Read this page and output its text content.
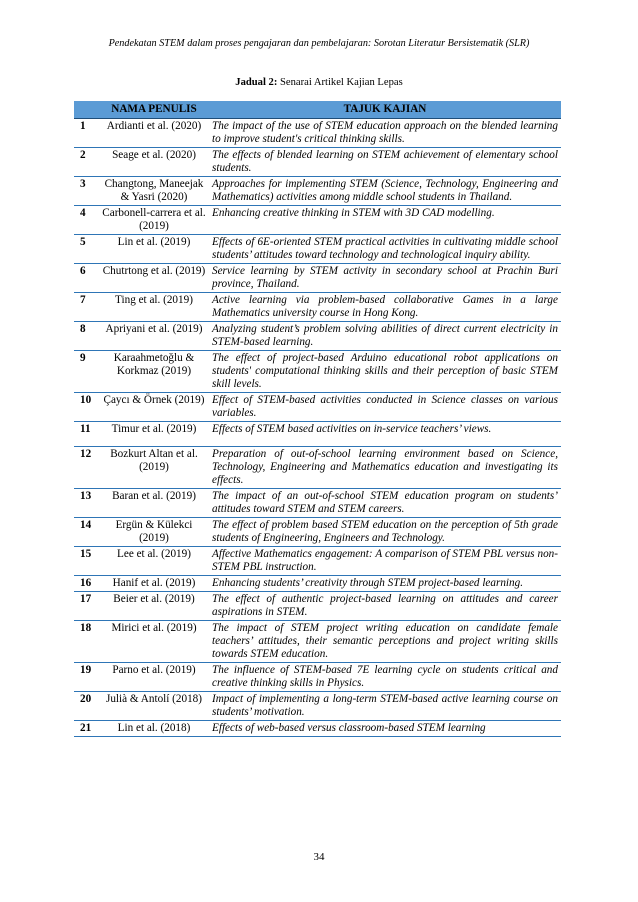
Pendekatan STEM dalam proses pengajaran dan pembelajaran: Sorotan Literatur Bersistematik (SLR)
Jadual 2: Senarai Artikel Kajian Lepas
	NAMA PENULIS	TAJUK KAJIAN
1	Ardianti et al. (2020)	The impact of the use of STEM education approach on the blended learning to improve student's critical thinking skills.
2	Seage et al. (2020)	The effects of blended learning on STEM achievement of elementary school students.
3	Changtong, Maneejak & Yasri (2020)	Approaches for implementing STEM (Science, Technology, Engineering and Mathematics) activities among middle school students in Thailand.
4	Carbonell-carrera et al. (2019)	Enhancing creative thinking in STEM with 3D CAD modelling.
5	Lin et al. (2019)	Effects of 6E-oriented STEM practical activities in cultivating middle school students’ attitudes toward technology and technological inquiry ability.
6	Chutrtong et al. (2019)	Service learning by STEM activity in secondary school at Prachin Buri province, Thailand.
7	Ting et al. (2019)	Active learning via problem-based collaborative Games in a large Mathematics university course in Hong Kong.
8	Apriyani et al. (2019)	Analyzing student’s problem solving abilities of direct current electricity in STEM-based learning.
9	Karaahmetoğlu & Korkmaz (2019)	The effect of project-based Arduino educational robot applications on students' computational thinking skills and their perception of basic STEM skill levels.
10	Çaycı & Örnek (2019)	Effect of STEM-based activities conducted in Science classes on various variables.
11	Timur et al. (2019)	Effects of STEM based activities on in-service teachers’ views.
12	Bozkurt Altan et al. (2019)	Preparation of out-of-school learning environment based on Science, Technology, Engineering and Mathematics education and investigating its effects.
13	Baran et al. (2019)	The impact of an out-of-school STEM education program on students’ attitudes toward STEM and STEM careers.
14	Ergün & Külekci (2019)	The effect of problem based STEM education on the perception of 5th grade students of Engineering, Engineers and Technology.
15	Lee et al. (2019)	Affective Mathematics engagement: A comparison of STEM PBL versus non-STEM PBL instruction.
16	Hanif et al. (2019)	Enhancing students’ creativity through STEM project-based learning.
17	Beier et al. (2019)	The effect of authentic project-based learning on attitudes and career aspirations in STEM.
18	Mirici et al. (2019)	The impact of STEM project writing education on candidate female teachers’ attitudes, their semantic perceptions and project writing skills towards STEM education.
19	Parno et al. (2019)	The influence of STEM-based 7E learning cycle on students critical and creative thinking skills in Physics.
20	Julià & Antolí (2018)	Impact of implementing a long-term STEM-based active learning course on students’ motivation.
21	Lin et al. (2018)	Effects of web‑based versus classroom‑based STEM learning
34
